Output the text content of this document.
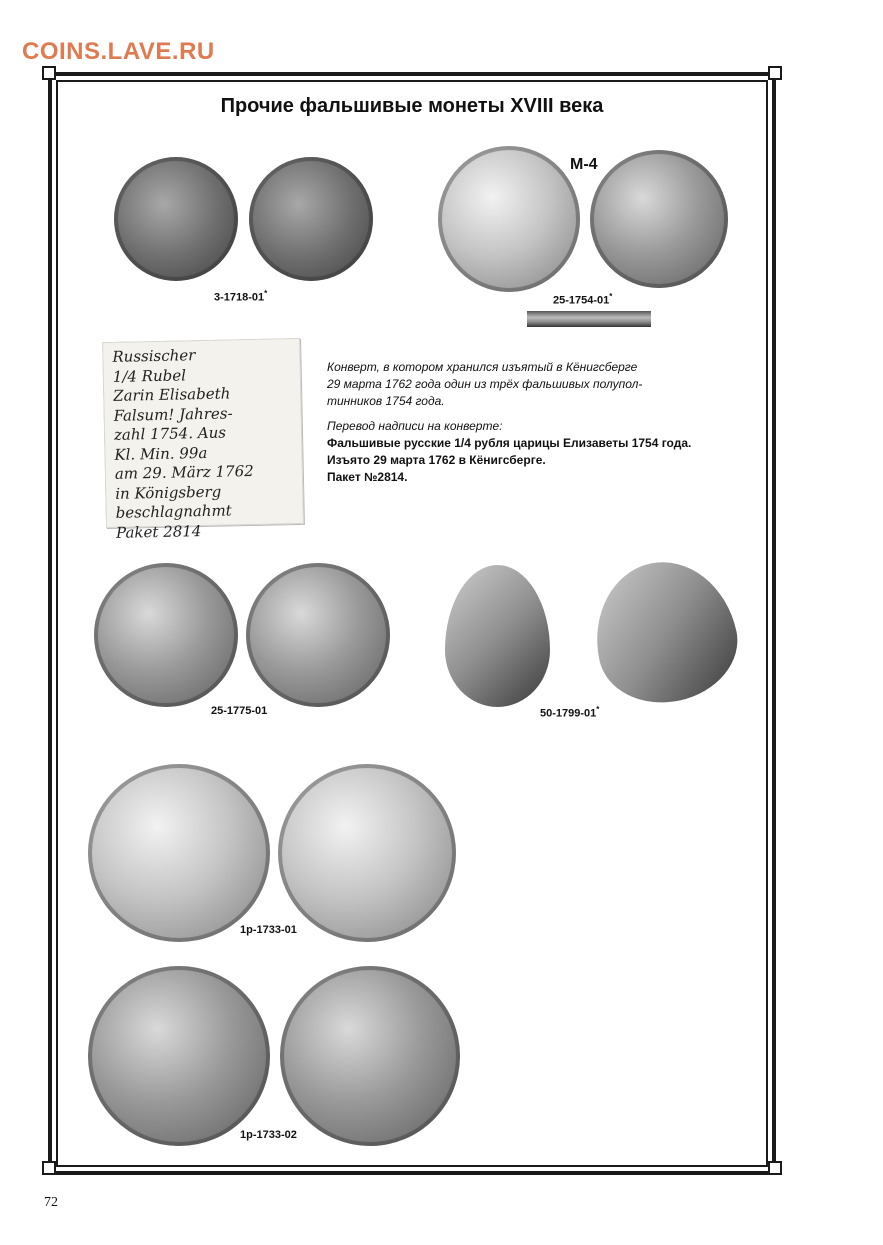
COINS.LAVE.RU
Прочие фальшивые монеты XVIII века
3-1718-01*
М-4
25-1754-01*
Russischer
1/4 Rubel
Zarin Elisabeth
Falsum! Jahres-
zahl 1754. Aus
Kl. Min. 99a
am 29. März 1762
in Königsberg
beschlagnahmt
Paket 2814

Конверт, в котором хранился изъятый в Кёнигсберге

29 марта 1762 года один из трёх фальшивых полупол-

тинников 1754 года.

Перевод надписи на конверте:

Фальшивые русские 1/4 рубля царицы Елизаветы 1754 года.

Изъято 29 марта 1762 в Кёнигсберге.

Пакет №2814.

25-1775-01	50-1799-01*
1р-1733-01
1р-1733-02
72
